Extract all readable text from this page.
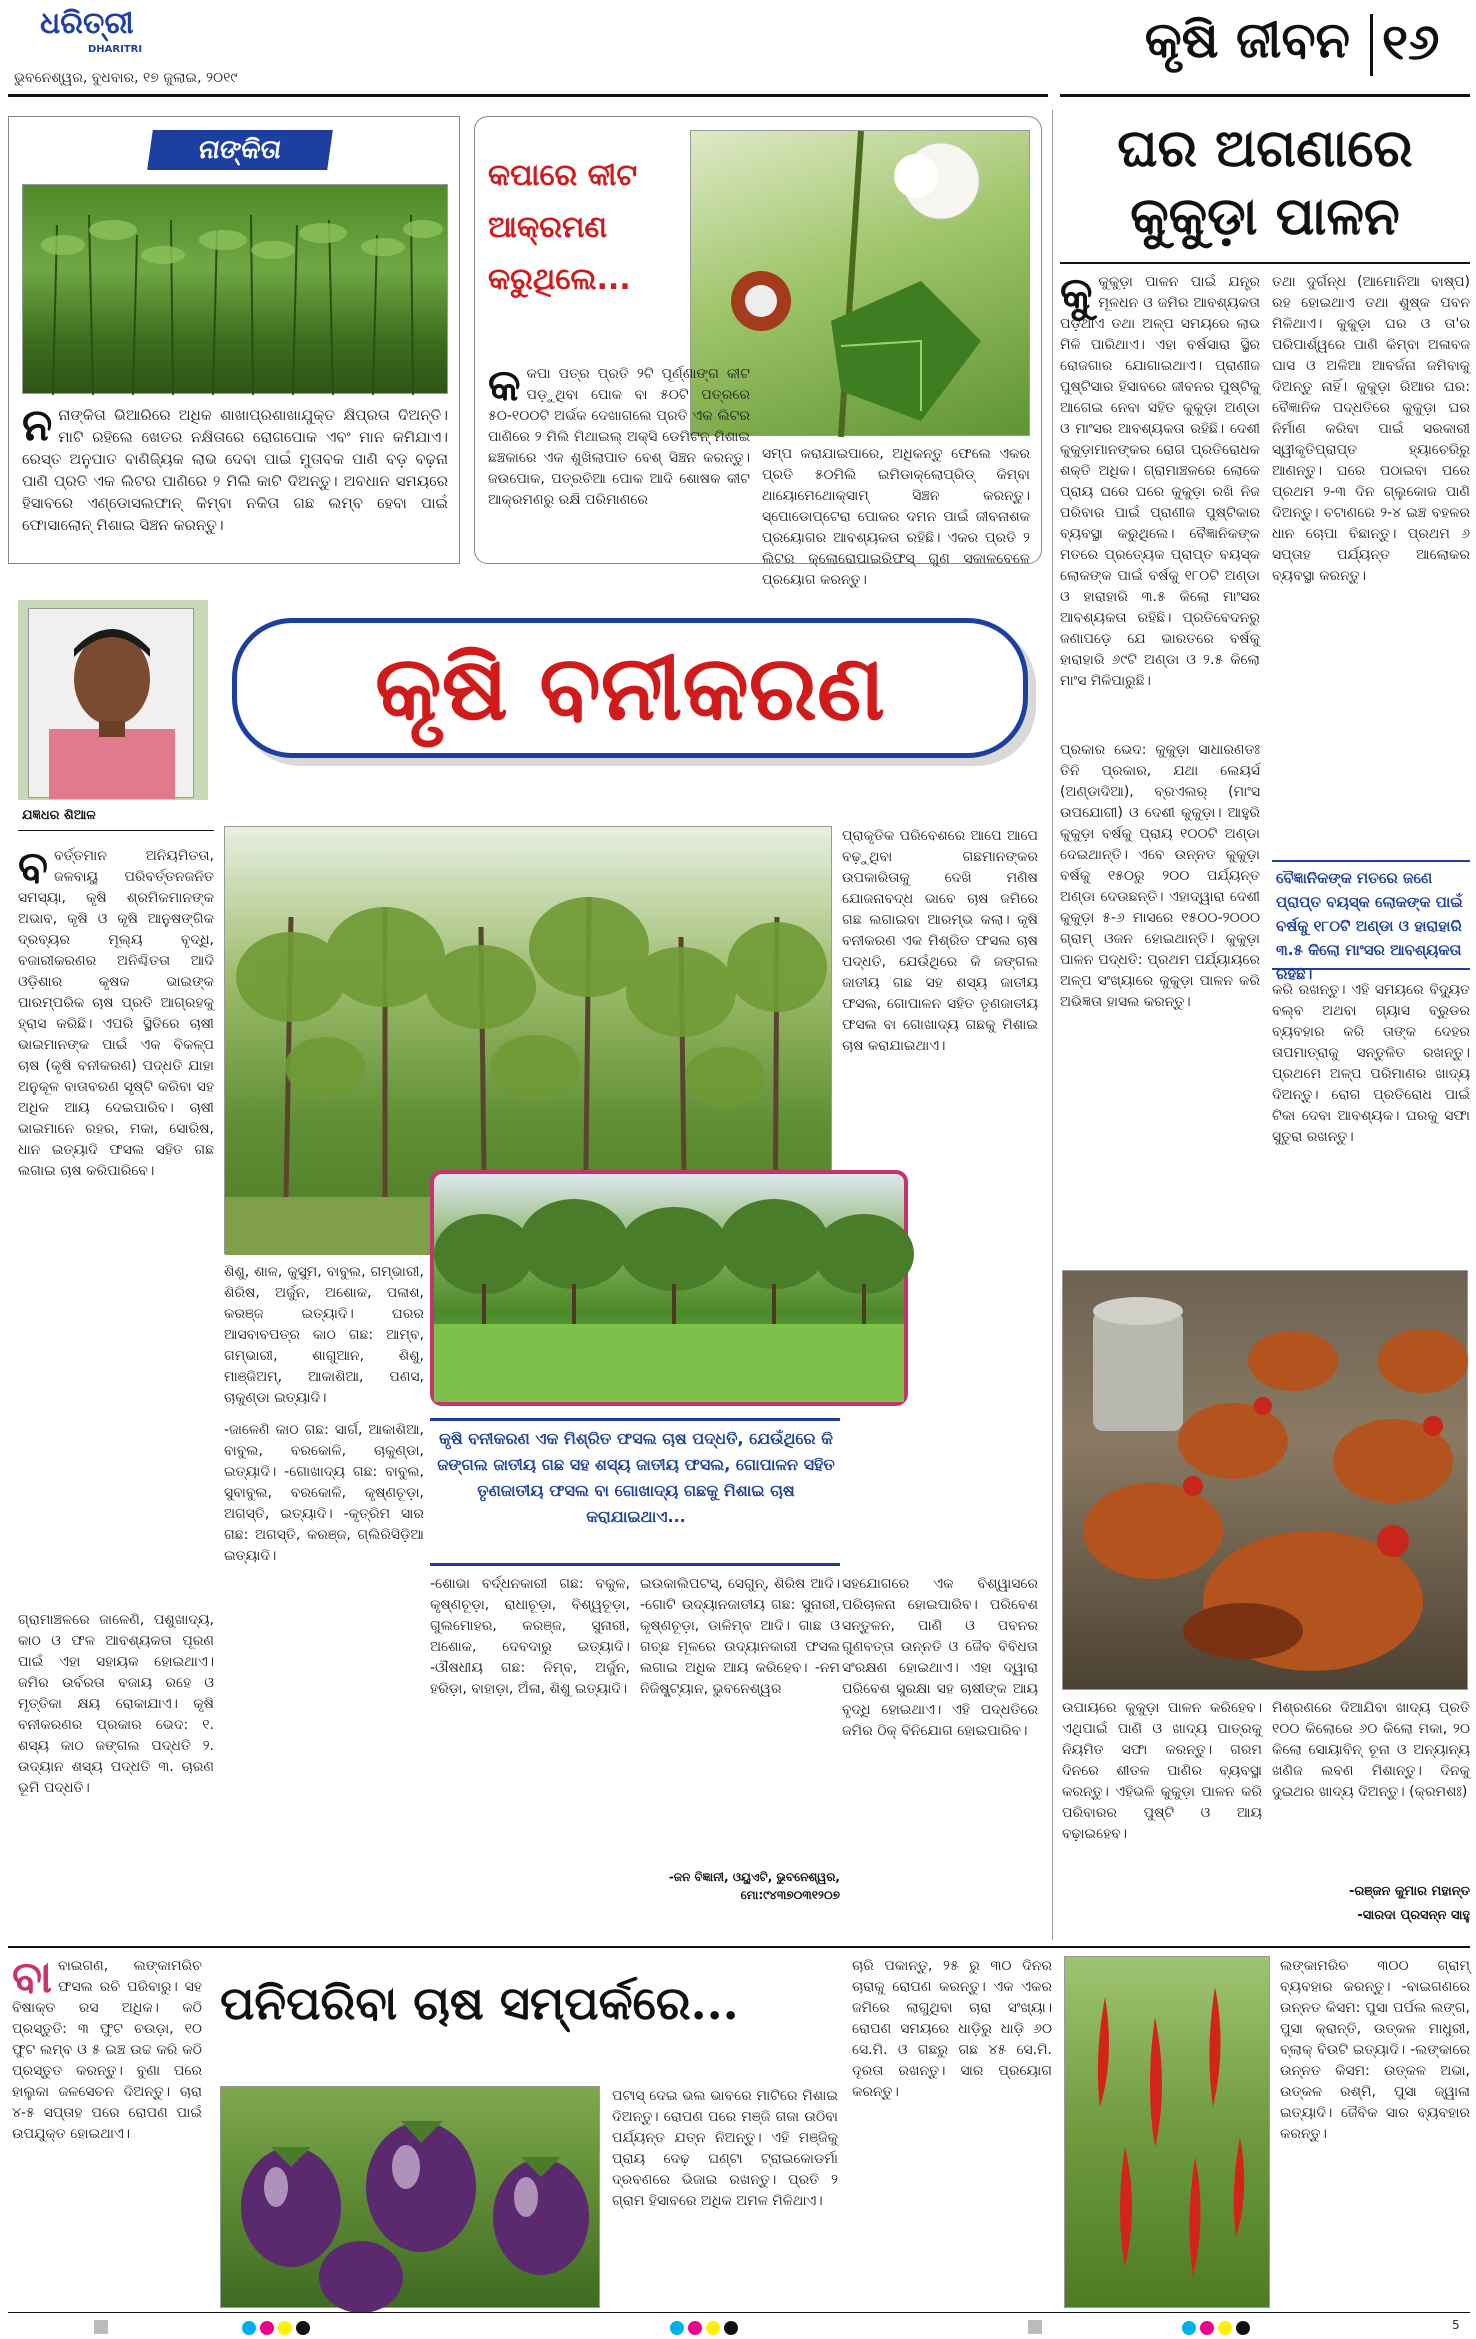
ଧରିତ୍ରୀ
DHARITRI
ଭୁବନେଶ୍ୱର, ବୁଧବାର, ୧୭ ଜୁଲାଇ, ୨୦୧୯
କୃଷି ଜୀବନ ୧୬
ନାଙ୍କିତା
ନନାଙ୍କିତା ଭିଆରିରେ ଅଧିକ ଶାଖାପ୍ରଶାଖାଯୁକ୍ତ କ୍ଷିପ୍ରତା ଦିଅନ୍ତି। ମାଟି ରହିଲେ ଖେତର ନକ୍ଷିତାରେ ରୋଗପୋକ ଏବଂ ମାନ କମିଯାଏ। ରେସ୍ତ ଅନୁପାତ ବାଣିଜ୍ୟିକ ଲାଭ ଦେବା ପାଇଁ ମୁତାବକ ପାଣି ବଡ଼ ବଢ଼ନା ପାଣି ପ୍ରତି ଏକ ଲିଟର ପାଣିରେ ୨ ମିଲି କାଟି ଦିଅନ୍ତୁ। ଅବଧାନ ସମୟରେ ହିସାବରେ ଏଣ୍ଡୋସଲଫାନ୍ କିମ୍ବା ନକିତା ଗଛ ଲମ୍ବ ହେବା ପାଇଁ ଫୋସାଲୋନ୍ ମିଶାଇ ସିଞ୍ଚନ କରନ୍ତୁ।
କପାରେ କୀଟ ଆକ୍ରମଣ କରୁଥିଲେ...
କକପା ପତ୍ର ପ୍ରତି ୨ଟି ପୂର୍ଣ୍ଣାଙ୍ଗ କୀଟ ପଡ଼ୁଥିବା ପୋକ ବା ୫୦ଟି ପତ୍ରରେ ୫୦-୧୦୦ଟି ଅର୍ଭକ ଦେଖାଗଲେ ପ୍ରତି ଏକ ଲିଟର ପାଣିରେ ୨ ମିଲି ମିଥାଇଲ୍ ଅକ୍ସି ଡେମିଟନ୍ ମିଶାଇ ଛଞ୍ଚକାରେ ଏକ ଶୁଖିଲାପାତ ବେଶ୍ ସିଞ୍ଚନ କରନ୍ତୁ। ଜଉପୋକ, ପତ୍ରଚିଆ ପୋକ ଆଦି ଶୋଷକ କୀଟ ଆକ୍ରମଣରୁ ରକ୍ଷି ପରିମାଣରେ
ସମ୍ପ କରାଯାଇପାରେ, ଅଧିକନ୍ତୁ ଫେଲେ ଏକର ପ୍ରତି ୫୦ମିଲି ଇମିଡାକ୍ଲୋପ୍ରିଡ୍ କିମ୍ବା ଥାୟୋମେଥୋକ୍ସାମ୍ ସିଞ୍ଚନ କରନ୍ତୁ। ସ୍ପୋଡୋପ୍ଟେରା ପୋକର ଦମନ ପାଇଁ ଜୀବନାଶକ ପ୍ରୟୋଗର ଆବଶ୍ୟକତା ରହିଛି। ଏକର ପ୍ରତି ୨ ଲିଟର କ୍ଲୋରୋପାଇରିଫସ୍ ଗୁଣ ସକାଳବେଳେ ପ୍ରୟୋଗ କରନ୍ତୁ।
ଘର ଅଗଣାରେ
କୁକୁଡ଼ା ପାଳନ
କୁକୁକୁଡ଼ା ପାଳନ ପାଇଁ ଯନ୍ତ୍ର ମୂଳଧନ ଓ ଜମିର ଆବଶ୍ୟକତା ପଡ଼ିଥାଏ ତଥା ଅଳ୍ପ ସମୟରେ ଲାଭ ମିଳି ପାରିଥାଏ। ଏହା ବର୍ଷସାରା ସ୍ଥିର ରୋଜଗାର ଯୋଗାଇଥାଏ। ପ୍ରାଣୀଜ ପୁଷ୍ଟିସାର ହିସାବରେ ଜୀବନର ପୁଷ୍ଟିକୁ ଆଗେଇ ନେବା ସହିତ କୁକୁଡ଼ା ଅଣ୍ଡା ଓ ମାଂସର ଆବଶ୍ୟକତା ରହିଛି। ଦେଶୀ କୁକୁଡ଼ାମାନଙ୍କର ରୋଗ ପ୍ରତିରୋଧକ ଶକ୍ତି ଅଧିକ। ଗ୍ରାମାଞ୍ଚଳରେ ଲୋକେ ପ୍ରାୟ ଘରେ ଘରେ କୁକୁଡ଼ା ରଖି ନିଜ ପରିବାର ପାଇଁ ପ୍ରାଣୀଜ ପୁଷ୍ଟିକାର ବ୍ୟବସ୍ଥା କରୁଥିଲେ। ବୈଜ୍ଞାନିକଙ୍କ ମତରେ ପ୍ରତ୍ୟେକ ପ୍ରାପ୍ତ ବୟସ୍କ ଲୋକଙ୍କ ପାଇଁ ବର୍ଷକୁ ୧୮୦ଟି ଅଣ୍ଡା ଓ ହାରାହାରି ୩.୫ କିଲୋ ମାଂସର ଆବଶ୍ୟକତା ରହିଛି। ପ୍ରତିବେଦନରୁ ଜଣାପଡ଼େ ଯେ ଭାରତରେ ବର୍ଷକୁ ହାରାହାରି ୬୯ଟି ଅଣ୍ଡା ଓ ୨.୫ କିଲୋ ମାଂସ ମିଳିପାରୁଛି।
ତଥା ଦୁର୍ଗନ୍ଧ (ଆମୋନିଆ ବାଷ୍ପ) ରହ ହୋଇଥାଏ ତଥା ଶୁଷ୍କ ପବନ ମିଳିଥାଏ। କୁକୁଡ଼ା ଘର ଓ ତା'ର ପରିପାର୍ଶ୍ୱରେ ପାଣି କିମ୍ବା ଅଳାବଜ ଘାସ ଓ ଅଳିଆ ଆବର୍ଜନା ଜମିବାକୁ ଦିଅନ୍ତୁ ନାହିଁ। କୁକୁଡ଼ା ରିଆର ଘର: ବୈଜ୍ଞାନିକ ପଦ୍ଧତିରେ କୁକୁଡ଼ା ଘର ନିର୍ମାଣ କରିବା ପାଇଁ ସରକାରୀ ସ୍ୱୀକୃତିପ୍ରାପ୍ତ ହ୍ୟାଚେରିରୁ ଆଣନ୍ତୁ। ଘରେ ପଠାଇବା ପରେ ପ୍ରଥମ ୨-୩ ଦିନ ଗ୍ଲୁକୋଜ ପାଣି ଦିଅନ୍ତୁ। ଚଟାଣରେ ୨-୪ ଇଞ୍ଚ ବହଳର ଧାନ ଚୋପା ବିଛାନ୍ତୁ। ପ୍ରଥମ ୬ ସପ୍ତାହ ପର୍ଯ୍ୟନ୍ତ ଆଲୋକର ବ୍ୟବସ୍ଥା କରନ୍ତୁ।
ପ୍ରକାର ଭେଦ: କୁକୁଡ଼ା ସାଧାରଣତଃ ତିନି ପ୍ରକାର, ଯଥା ଲେୟର୍ସ (ଅଣ୍ଡାଦିଆ), ବ୍ରଏଲର୍ (ମାଂସ ଉପଯୋଗୀ) ଓ ଦେଶୀ କୁକୁଡ଼ା। ଆହୁରି କୁକୁଡ଼ା ବର୍ଷକୁ ପ୍ରାୟ ୧୦୦ଟି ଅଣ୍ଡା ଦେଇଥାନ୍ତି। ଏବେ ଉନ୍ନତ କୁକୁଡ଼ା ବର୍ଷକୁ ୧୫୦ରୁ ୨୦୦ ପର୍ଯ୍ୟନ୍ତ ଅଣ୍ଡା ଦେଉଛନ୍ତି। ଏହାଦ୍ୱାରା ଦେଶୀ କୁକୁଡ଼ା ୫-୬ ମାସରେ ୧୫୦୦-୨୦୦୦ ଗ୍ରାମ୍ ଓଜନ ହୋଇଥାନ୍ତି। କୁକୁଡ଼ା ପାଳନ ପଦ୍ଧତି: ପ୍ରଥମ ପର୍ଯ୍ୟାୟରେ ଅଳ୍ପ ସଂଖ୍ୟାରେ କୁକୁଡ଼ା ପାଳନ କରି ଅଭିଜ୍ଞତା ହାସଲ କରନ୍ତୁ।
ବୈଜ୍ଞାନିକଙ୍କ ମତରେ ଜଣେ ପ୍ରାପ୍ତ ବୟସ୍କ ଲୋକଙ୍କ ପାଇଁ ବର୍ଷକୁ ୧୮୦ଟି ଅଣ୍ଡା ଓ ହାରାହାରି ୩.୫ କିଲୋ ମାଂସର ଆବଶ୍ୟକତା ରହିଛି।
କରି ରଖନ୍ତୁ। ଏହି ସମୟରେ ବିଦ୍ୟୁତ ବଲ୍ବ ଅଥବା ଗ୍ୟାସ ବ୍ରୁଡର ବ୍ୟବହାର କରି ତାଙ୍କ ଦେହର ତାପମାତ୍ରାକୁ ସନ୍ତୁଳିତ ରଖନ୍ତୁ। ପ୍ରଥମେ ଅଳ୍ପ ପରିମାଣର ଖାଦ୍ୟ ଦିଅନ୍ତୁ। ରୋଗ ପ୍ରତିରୋଧ ପାଇଁ ଟିକା ଦେବା ଆବଶ୍ୟକ। ଘରକୁ ସଫା ସୁତୁରା ରଖନ୍ତୁ।
ଉପାୟରେ କୁକୁଡ଼ା ପାଳନ କରିହେବ। ଏଥିପାଇଁ ପାଣି ଓ ଖାଦ୍ୟ ପାତ୍ରକୁ ନିୟମିତ ସଫା କରନ୍ତୁ। ଗରମ ଦିନରେ ଶୀତଳ ପାଣିର ବ୍ୟବସ୍ଥା କରନ୍ତୁ। ଏହିଭଳି କୁକୁଡ଼ା ପାଳନ କରି ପରିବାରର ପୁଷ୍ଟି ଓ ଆୟ ବଢ଼ାଇହେବ।
ମିଶ୍ରଣରେ ଦିଆଯିବା ଖାଦ୍ୟ ପ୍ରତି ୧୦୦ କିଲୋରେ ୬୦ କିଲୋ ମକା, ୨୦ କିଲୋ ସୋୟାବିନ୍ ଚୂନା ଓ ଅନ୍ୟାନ୍ୟ ଖଣିଜ ଲବଣ ମିଶାନ୍ତୁ। ଦିନକୁ ଦୁଇଥର ଖାଦ୍ୟ ଦିଅନ୍ତୁ। (କ୍ରମଶଃ)
-ରଞ୍ଜନ କୁମାର ମହାନ୍ତ
-ସାରଦା ପ୍ରସନ୍ନ ସାହୁ
ଯଜ୍ଞଧର ଶିଆଳ
କୃଷି ବନୀକରଣ
ବବର୍ତ୍ତମାନ ଅନିୟମିତତା, ଜଳବାୟୁ ପରିବର୍ତ୍ତନଜନିତ ସମସ୍ୟା, କୃଷି ଶ୍ରମିକମାନଙ୍କ ଅଭାବ, କୃଷି ଓ କୃଷି ଆନୁଷଙ୍ଗିକ ଦ୍ରବ୍ୟର ମୂଲ୍ୟ ବୃଦ୍ଧି, ବଜାରୀକରଣର ଅନିଶ୍ଚିତତା ଆଦି ଓଡ଼ିଶାର କୃଷକ ଭାଇଙ୍କ ପାରମ୍ପରିକ ଚାଷ ପ୍ରତି ଆଗ୍ରହକୁ ହ୍ରାସ କରିଛି। ଏପରି ସ୍ଥିତିରେ ଚାଷୀ ଭାଇମାନଙ୍କ ପାଇଁ ଏକ ବିକଳ୍ପ ଚାଷ (କୃଷି ବନୀକରଣ) ପଦ୍ଧତି ଯାହା ଅନୁକୂଳ ବାତାବରଣ ସୃଷ୍ଟି କରିବା ସହ ଅଧିକ ଆୟ ଦେଇପାରିବ। ଚାଷୀ ଭାଇମାନେ ରହର, ମକା, ସୋରିଷ, ଧାନ ଇତ୍ୟାଦି ଫସଲ ସହିତ ଗଛ ଲଗାଇ ଚାଷ କରିପାରିବେ।
ଗ୍ରାମାଞ୍ଚଳରେ ଜାଳେଣି, ପଶୁଖାଦ୍ୟ, କାଠ ଓ ଫଳ ଆବଶ୍ୟକତା ପୂରଣ ପାଇଁ ଏହା ସହାୟକ ହୋଇଥାଏ। ଜମିର ଉର୍ବରତା ବଜାୟ ରହେ ଓ ମୃତ୍ତିକା କ୍ଷୟ ରୋକାଯାଏ। କୃଷି ବନୀକରଣର ପ୍ରକାର ଭେଦ: ୧. ଶସ୍ୟ କାଠ ଜଙ୍ଗଲ ପଦ୍ଧତି ୨. ଉଦ୍ୟାନ ଶସ୍ୟ ପଦ୍ଧତି ୩. ଚାରଣ ଭୂମି ପଦ୍ଧତି।
ପ୍ରାକୃତିକ ପରିବେଶରେ ଆପେ ଆପେ ବଢ଼ୁଥିବା ଗଛମାନଙ୍କର ଉପକାରିତାକୁ ଦେଖି ମଣିଷ ଯୋଜନାବଦ୍ଧ ଭାବେ ଚାଷ ଜମିରେ ଗଛ ଲଗାଇବା ଆରମ୍ଭ କଲା। କୃଷି ବନୀକରଣ ଏକ ମିଶ୍ରିତ ଫସଲ ଚାଷ ପଦ୍ଧତି, ଯେଉଁଥିରେ କି ଜଙ୍ଗଲ ଜାତୀୟ ଗଛ ସହ ଶସ୍ୟ ଜାତୀୟ ଫସଲ, ଗୋପାଳନ ସହିତ ତୃଣଜାତୀୟ ଫସଲ ବା ଗୋଖାଦ୍ୟ ଗଛକୁ ମିଶାଇ ଚାଷ କରାଯାଇଥାଏ।
ଶିଶୁ, ଶାଳ, କୁସୁମ, ବାବୁଲ, ଗମ୍ଭାରୀ, ଶିରିଷ, ଅର୍ଜୁନ, ଅଶୋକ, ପଳାଶ, କରଞ୍ଜ ଇତ୍ୟାଦି। ଘରର ଆସବାବପତ୍ର କାଠ ଗଛ: ଆମ୍ବ, ଗମ୍ଭାରୀ, ଶାଗୁଆନ, ଶିଶୁ, ମାଞ୍ଜିଅମ୍, ଆକାଶିଆ, ପଣସ, ଚାକୁଣ୍ଡା ଇତ୍ୟାଦି।
କୃଷି ବନୀକରଣ ଏକ ମିଶ୍ରିତ ଫସଲ ଚାଷ ପଦ୍ଧତି, ଯେଉଁଥିରେ କି ଜଙ୍ଗଲ ଜାତୀୟ ଗଛ ସହ ଶସ୍ୟ ଜାତୀୟ ଫସଲ, ଗୋପାଳନ ସହିତ ତୃଣଜାତୀୟ ଫସଲ ବା ଗୋଖାଦ୍ୟ ଗଛକୁ ମିଶାଇ ଚାଷ କରାଯାଇଥାଏ...
-ଜାଳେଣି କାଠ ଗଛ: ସାର୍ଗ, ଆକାଶିଆ, ବାବୁଲ, ବରକୋଳି, ଚାକୁଣ୍ଡା, ଇତ୍ୟାଦି। -ଗୋଖାଦ୍ୟ ଗଛ: ବାବୁଲ, ସୁବାବୁଲ, ବରକୋଳି, କୃଷ୍ଣଚୂଡ଼ା, ଅଗସ୍ତି, ଇତ୍ୟାଦି। -କୃତ୍ରିମ ସାର ଗଛ: ଅଗସ୍ତି, କରଞ୍ଜ, ଗ୍ଲିରିସିଡ଼ିଆ ଇତ୍ୟାଦି।
-ଶୋଭା ବର୍ଦ୍ଧନକାରୀ ଗଛ: ବକୁଳ, କୃଷ୍ଣଚୂଡ଼ା, ରାଧାଚୂଡ଼ା, ବିଶ୍ୱଚୂଡ଼ା, ଗୁଲମୋହର, କରଞ୍ଜ, ସୁନାରୀ, ଅଶୋକ, ଦେବଦାରୁ ଇତ୍ୟାଦି। -ଔଷଧୀୟ ଗଛ: ନିମ୍ବ, ଅର୍ଜୁନ, ହରିଡ଼ା, ବାହାଡ଼ା, ଅଁଳା, ଶିଶୁ ଇତ୍ୟାଦି।
ଇଉକାଲିପଟସ୍, ସେଗୁନ୍, ଶିରିଷ ଆଦି। -ଗୋଟି ଉଦ୍ୟାନଜାତୀୟ ଗଛ: ସୁନାରୀ, କୃଷ୍ଣଚୂଡ଼ା, ଡାଳିମ୍ବ ଆଦି। ଗାଛ ଓ ଗଚ୍ଛ ମୂଳରେ ଉଦ୍ୟାନକାରୀ ଫସଲ ଲଗାଇ ଅଧିକ ଆୟ କରିହେବ। -ନମ ନିଜିଷ୍ଣ୍ଟ୍ୟାନ, ଭୁବନେଶ୍ୱର
-ଜନ ବିଜ୍ଞାନୀ, ଓୟୁଏଟି, ଭୁବନେଶ୍ୱର, ମୋ:୯୪୩୭୦୩୧୨୦୭
ସହଯୋଗରେ ଏକ ବିଶ୍ୱାସରେ ପରିଚାଳନା ହୋଇପାରିବ। ପରିବେଶ ସନ୍ତୁଳନ, ପାଣି ଓ ପବନର ଗୁଣବତ୍ତା ଉନ୍ନତି ଓ ଜୈବ ବିବିଧତା ସଂରକ୍ଷଣ ହୋଇଥାଏ। ଏହା ଦ୍ୱାରା ପରିବେଶ ସୁରକ୍ଷା ସହ ଚାଷୀଙ୍କ ଆୟ ବୃଦ୍ଧି ହୋଇଥାଏ। ଏହି ପଦ୍ଧତିରେ ଜମିର ଠିକ୍ ବିନିଯୋଗ ହୋଇପାରିବ।
ବାବାଇଗଣ, ଲଙ୍କାମରିଚ ଫସଲ ରଚି ପରିବାରୁ। ସହ ବିଷାକ୍ତ ରସ ଅଧିକ। କଠି ପ୍ରସ୍ତୁତି: ୩ ଫୁଟ ଚଉଡ଼ା, ୧୦ ଫୁଟ ଲମ୍ବ ଓ ୫ ଇଞ୍ଚ ଉଚ୍ଚ କରି କଠି ପ୍ରସ୍ତୁତ କରନ୍ତୁ। ବୁଣା ପରେ ହାଲୁକା ଜଳସେଚନ ଦିଅନ୍ତୁ। ଚାରା ୪-୫ ସପ୍ତାହ ପରେ ରୋପଣ ପାଇଁ ଉପଯୁକ୍ତ ହୋଇଥାଏ।
ପନିପରିବା ଚାଷ ସମ୍ପର୍କରେ...
ପଟାସ୍ ଦେଇ ଭଲ ଭାବରେ ମାଟିରେ ମିଶାଇ ଦିଅନ୍ତୁ। ରୋପଣ ପରେ ମଞ୍ଜି ଗଜା ଉଠିବା ପର୍ଯ୍ୟନ୍ତ ଯତ୍ନ ନିଅନ୍ତୁ। ଏହି ମଞ୍ଜିକୁ ପ୍ରାୟ ଦେଢ଼ ଘଣ୍ଟା ଟ୍ରାଇକୋଡର୍ମା ଦ୍ରବଣରେ ଭିଜାଇ ରଖନ୍ତୁ। ପ୍ରତି ୨ ଗ୍ରାମ ହିସାବରେ ଅଧିକ ଅମଳ ମିଳିଥାଏ।
ଚାରି ପକାନ୍ତୁ, ୨୫ ରୁ ୩୦ ଦିନର ଚାରାକୁ ରୋପଣ କରନ୍ତୁ। ଏକ ଏକର ଜମିରେ ଲାଗୁଥିବା ଚାରା ସଂଖ୍ୟା। ରୋପଣ ସମୟରେ ଧାଡ଼ିରୁ ଧାଡ଼ି ୬୦ ସେ.ମି. ଓ ଗଛରୁ ଗଛ ୪୫ ସେ.ମି. ଦୂରତା ରଖନ୍ତୁ। ସାର ପ୍ରୟୋଗ କରନ୍ତୁ।
ଲଙ୍କାମରିଚ ୩୦୦ ଗ୍ରାମ୍ ବ୍ୟବହାର କରନ୍ତୁ। -ବାଇଗଣରେ ଉନ୍ନତ କିସମ: ପୁସା ପର୍ପଲ ଲଙ୍ଗ, ପୁସା କ୍ରାନ୍ତି, ଉତ୍କଳ ମାଧୁରୀ, ବ୍ଲାକ୍ ବିଉଟି ଇତ୍ୟାଦି। -ଲଙ୍କାରେ ଉନ୍ନତ କିସମ: ଉତ୍କଳ ଅଭା, ଉତ୍କଳ ରଶ୍ମି, ପୁସା ଜ୍ୱାଳା ଇତ୍ୟାଦି। ଜୈବିକ ସାର ବ୍ୟବହାର କରନ୍ତୁ।
5
